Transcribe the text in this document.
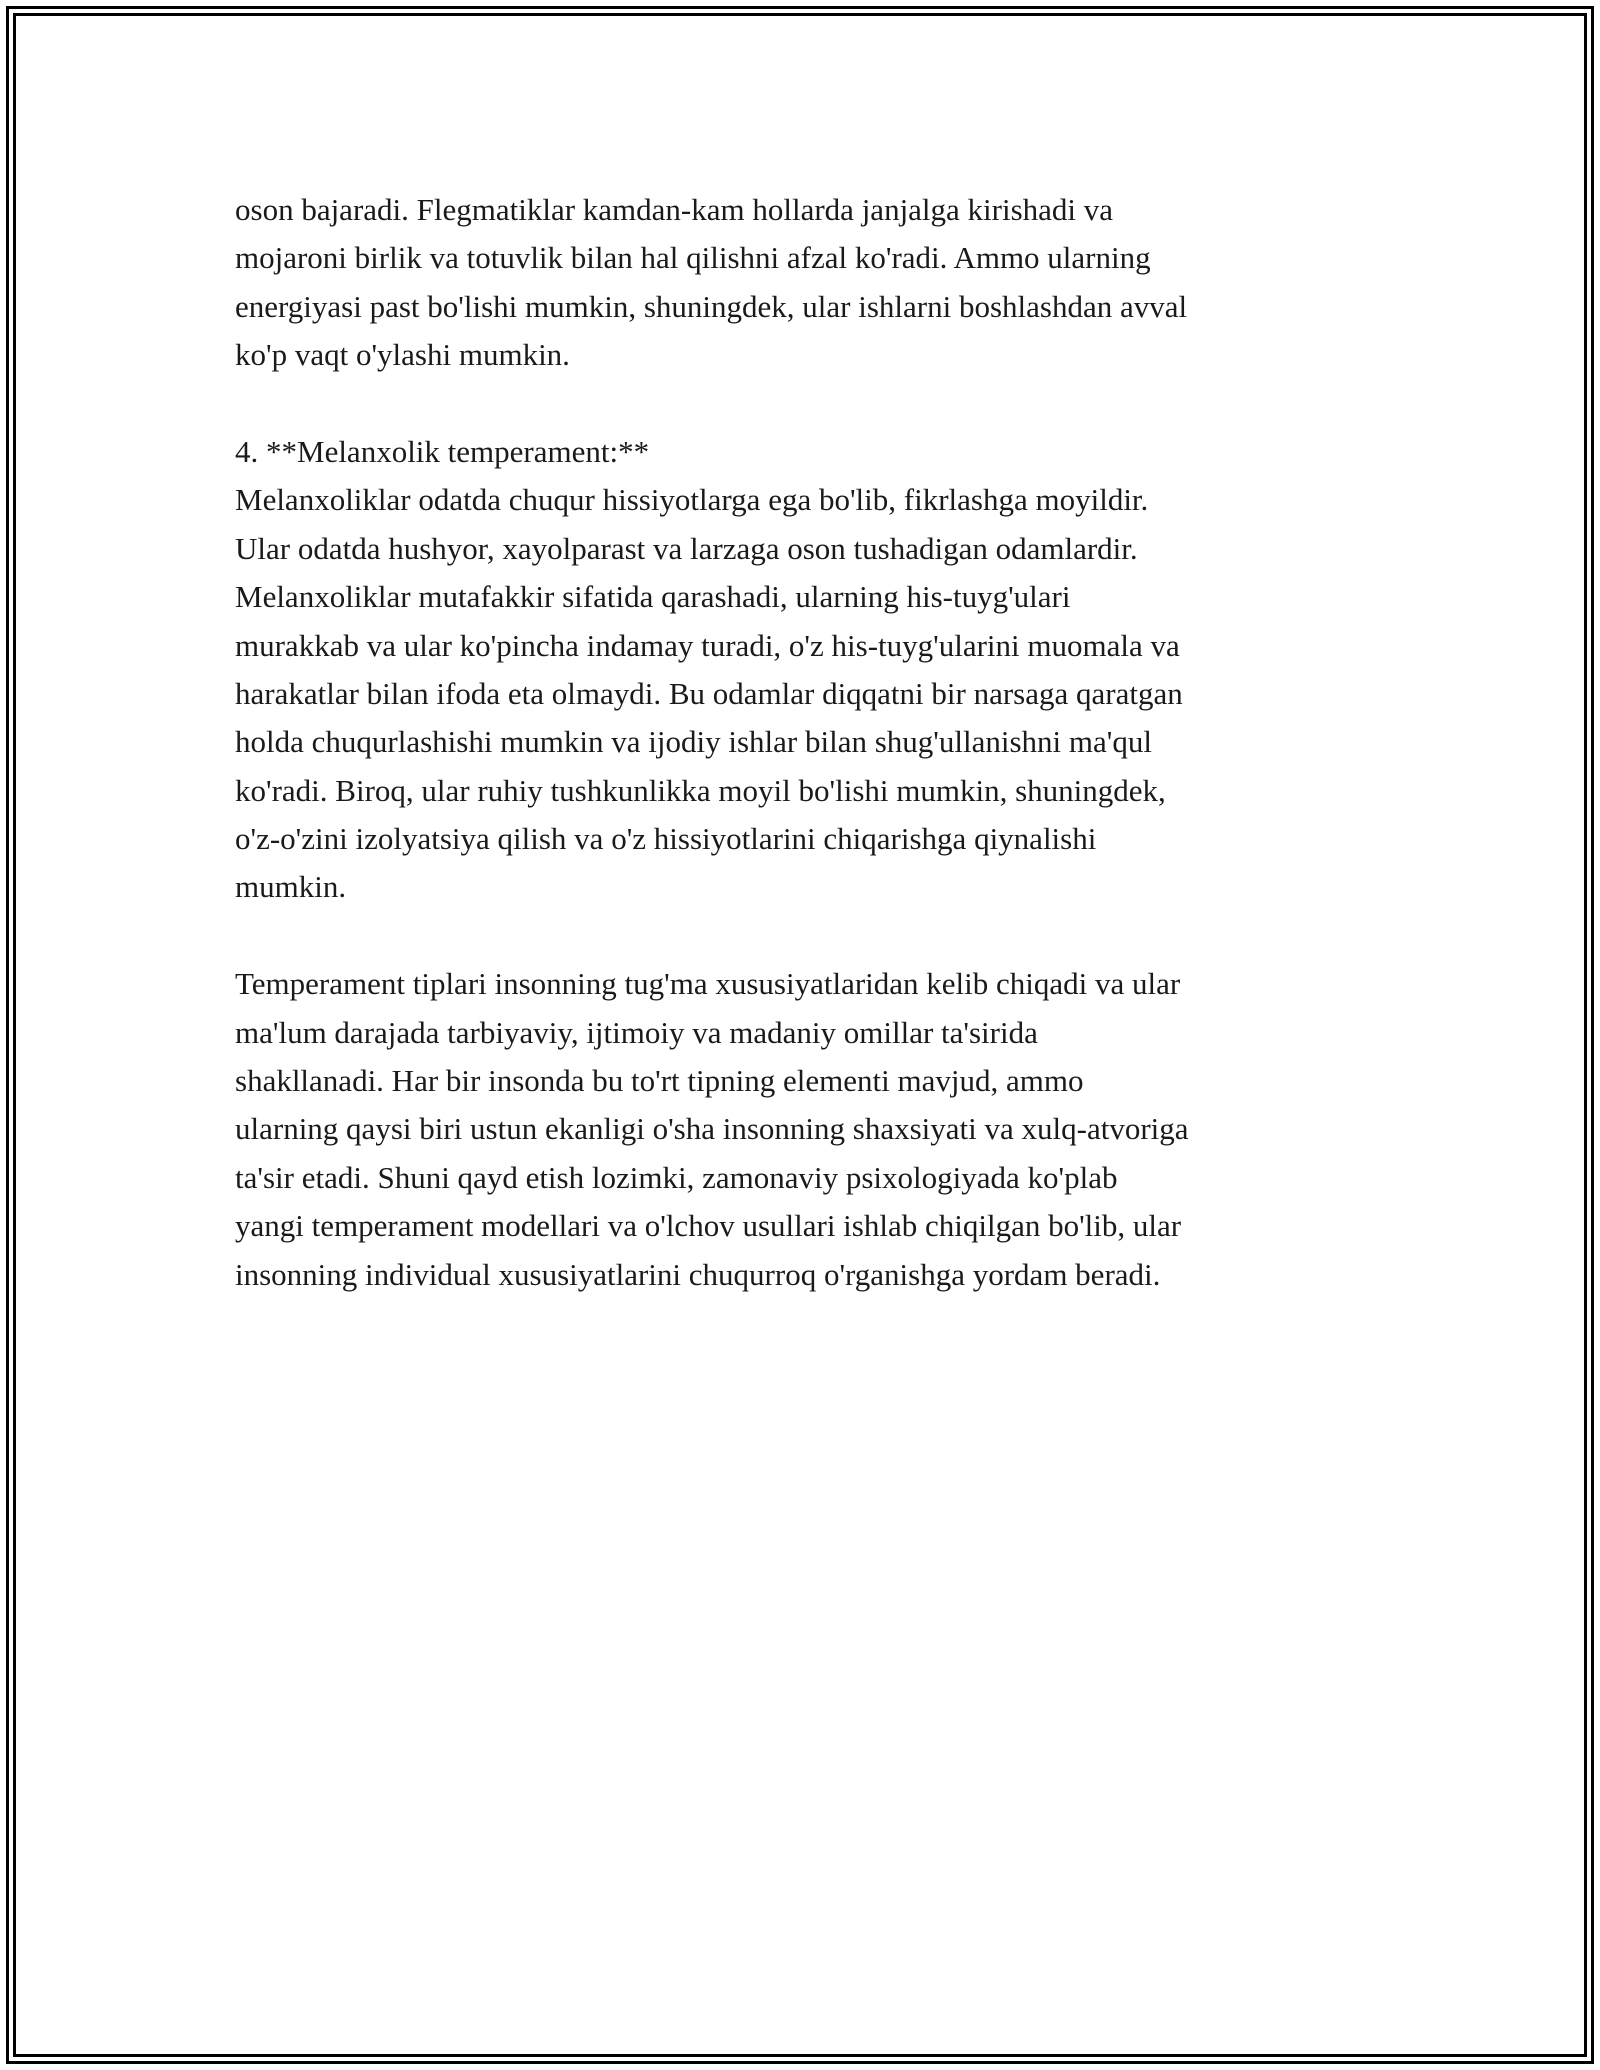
oson bajaradi. Flegmatiklar kamdan-kam hollarda janjalga kirishadi va
mojaroni birlik va totuvlik bilan hal qilishni afzal ko'radi. Ammo ularning
energiyasi past bo'lishi mumkin, shuningdek, ular ishlarni boshlashdan avval
ko'p vaqt o'ylashi mumkin.
4. **Melanxolik temperament:**
Melanxoliklar odatda chuqur hissiyotlarga ega bo'lib, fikrlashga moyildir.
Ular odatda hushyor, xayolparast va larzaga oson tushadigan odamlardir.
Melanxoliklar mutafakkir sifatida qarashadi, ularning his-tuyg'ulari
murakkab va ular ko'pincha indamay turadi, o'z his-tuyg'ularini muomala va
harakatlar bilan ifoda eta olmaydi. Bu odamlar diqqatni bir narsaga qaratgan
holda chuqurlashishi mumkin va ijodiy ishlar bilan shug'ullanishni ma'qul
ko'radi. Biroq, ular ruhiy tushkunlikka moyil bo'lishi mumkin, shuningdek,
o'z-o'zini izolyatsiya qilish va o'z hissiyotlarini chiqarishga qiynalishi
mumkin.
Temperament tiplari insonning tug'ma xususiyatlaridan kelib chiqadi va ular
ma'lum darajada tarbiyaviy, ijtimoiy va madaniy omillar ta'sirida
shakllanadi. Har bir insonda bu to'rt tipning elementi mavjud, ammo
ularning qaysi biri ustun ekanligi o'sha insonning shaxsiyati va xulq-atvoriga
ta'sir etadi. Shuni qayd etish lozimki, zamonaviy psixologiyada ko'plab
yangi temperament modellari va o'lchov usullari ishlab chiqilgan bo'lib, ular
insonning individual xususiyatlarini chuqurroq o'rganishga yordam beradi.
